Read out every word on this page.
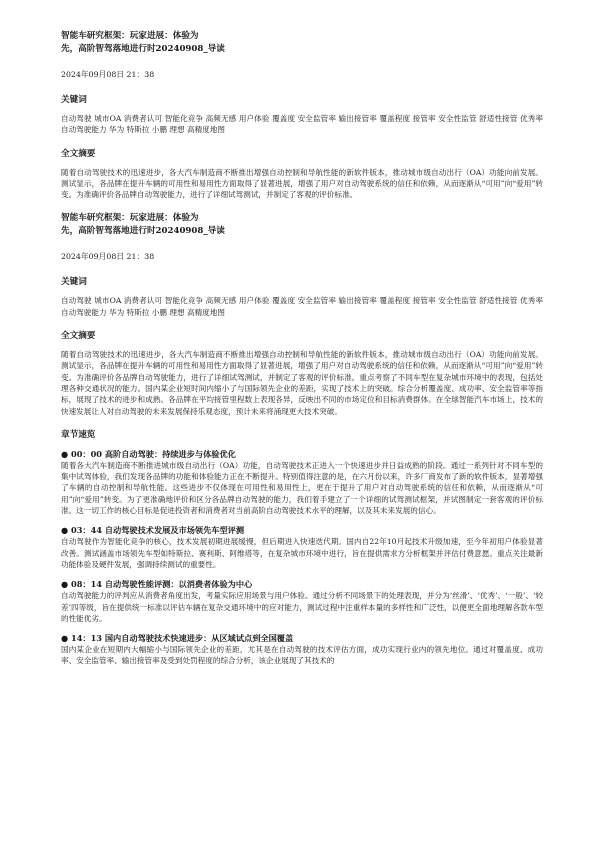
智能车研究框架：玩家进展：体验为

先，高阶智驾落地进行时20240908_导读

2024年09月08日 21：38

关键词

自动驾驶 城市OA 消费者认可 智能化竞争 高频无感 用户体验 覆盖度 安全监管率 输出接管率 覆盖程度 接管率 安全性监管 舒适性接管 优秀率 自动驾驶能力 华为 特斯拉 小鹏 理想 高精度地图

全文摘要

随着自动驾驶技术的迅速进步，各大汽车制造商不断推出增强自动控制和导航性能的新软件版本，推动城市级自动出行（OA）功能向前发展。测试显示，各品牌在提升车辆的可用性和易用性方面取得了显著进展，增强了用户对自动驾驶系统的信任和依赖，从而逐渐从“可用”向“爱用”转变。为准确评价各品牌自动驾驶能力，进行了详细试驾测试，并制定了客观的评价标准。

智能车研究框架：玩家进展：体验为

先，高阶智驾落地进行时20240908_导读

2024年09月08日 21：38

关键词

自动驾驶 城市OA 消费者认可 智能化竞争 高频无感 用户体验 覆盖度 安全监管率 输出接管率 覆盖程度 接管率 安全性监管 舒适性接管 优秀率 自动驾驶能力 华为 特斯拉 小鹏 理想 高精度地图

全文摘要

随着自动驾驶技术的迅速进步，各大汽车制造商不断推出增强自动控制和导航性能的新软件版本，推动城市级自动出行（OA）功能向前发展。测试显示，各品牌在提升车辆的可用性和易用性方面取得了显著进展，增强了用户对自动驾驶系统的信任和依赖，从而逐渐从“可用”向“爱用”转变。为准确评价各品牌自动驾驶能力，进行了详细试驾测试，并制定了客观的评价标准。重点考察了不同车型在复杂城市环境中的表现，包括处理各种交通状况的能力。国内某企业短时间内缩小了与国际领先企业的差距，实现了技术上的突破。综合分析覆盖度、成功率、安全监管率等指标，展现了技术的进步和成熟。各品牌在平均接管里程数上表现各异，反映出不同的市场定位和目标消费群体。在全球智能汽车市场上，技术的快速发展让人对自动驾驶的未来发展保持乐观态度，预计未来将涌现更大技术突破。

章节速览

● 00：00 高阶自动驾驶：持续进步与体验优化

随着各大汽车制造商不断推进城市级自动出行（OA）功能，自动驾驶技术正进入一个快速进步并日益成熟的阶段。通过一系列针对不同车型的集中试驾体验，我们发现各品牌的功能和体验能力正在不断提升。特别值得注意的是，在六月份以来，许多厂商发布了新的软件版本，显著增强了车辆的自动控制和导航性能。这些进步不仅体现在可用性和易用性上，更在于提升了用户对自动驾驶系统的信任和依赖，从而逐渐从“可用”向“爱用”转变。为了更准确地评价和区分各品牌自动驾驶的能力，我们着手建立了一个详细的试驾测试框架，并试图制定一套客观的评价标准。这一切工作的核心目标是促进投资者和消费者对当前高阶自动驾驶技术水平的理解，以及其未来发展的信心。

● 03：44 自动驾驶技术发展及市场领先车型评测

自动驾驶作为智能化竞争的核心，技术发展初期进展缓慢，但后期进入快速迭代期。国内自22年10月起技术升级加速，至今年初用户体验显著改善。测试涵盖市场领先车型如特斯拉、赛利斯、阿维塔等，在复杂城市环境中进行，旨在提供需求方分析框架并评估付费意愿。重点关注最新功能体验及硬件发展，强调持续测试的重要性。

● 08：14 自动驾驶性能评测：以消费者体验为中心

自动驾驶能力的评判应从消费者角度出发，考量实际应用场景与用户体验。通过分析不同场景下的处理表现，并分为‘丝滑’、‘优秀’、‘一般’、‘较差’四等级，旨在提供统一标准以评估车辆在复杂交通环境中的应对能力，测试过程中注重样本量的多样性和广泛性，以便更全面地理解各款车型的性能优劣。

● 14：13 国内自动驾驶技术快速进步：从区域试点到全国覆盖

国内某企业在短期内大幅缩小与国际领先企业的差距，尤其是在自动驾驶的技术评估方面，成功实现行业内的领先地位。通过对覆盖度、成功率、安全监管率、输出接管率及受到处罚程度的综合分析，该企业展现了其技术的
